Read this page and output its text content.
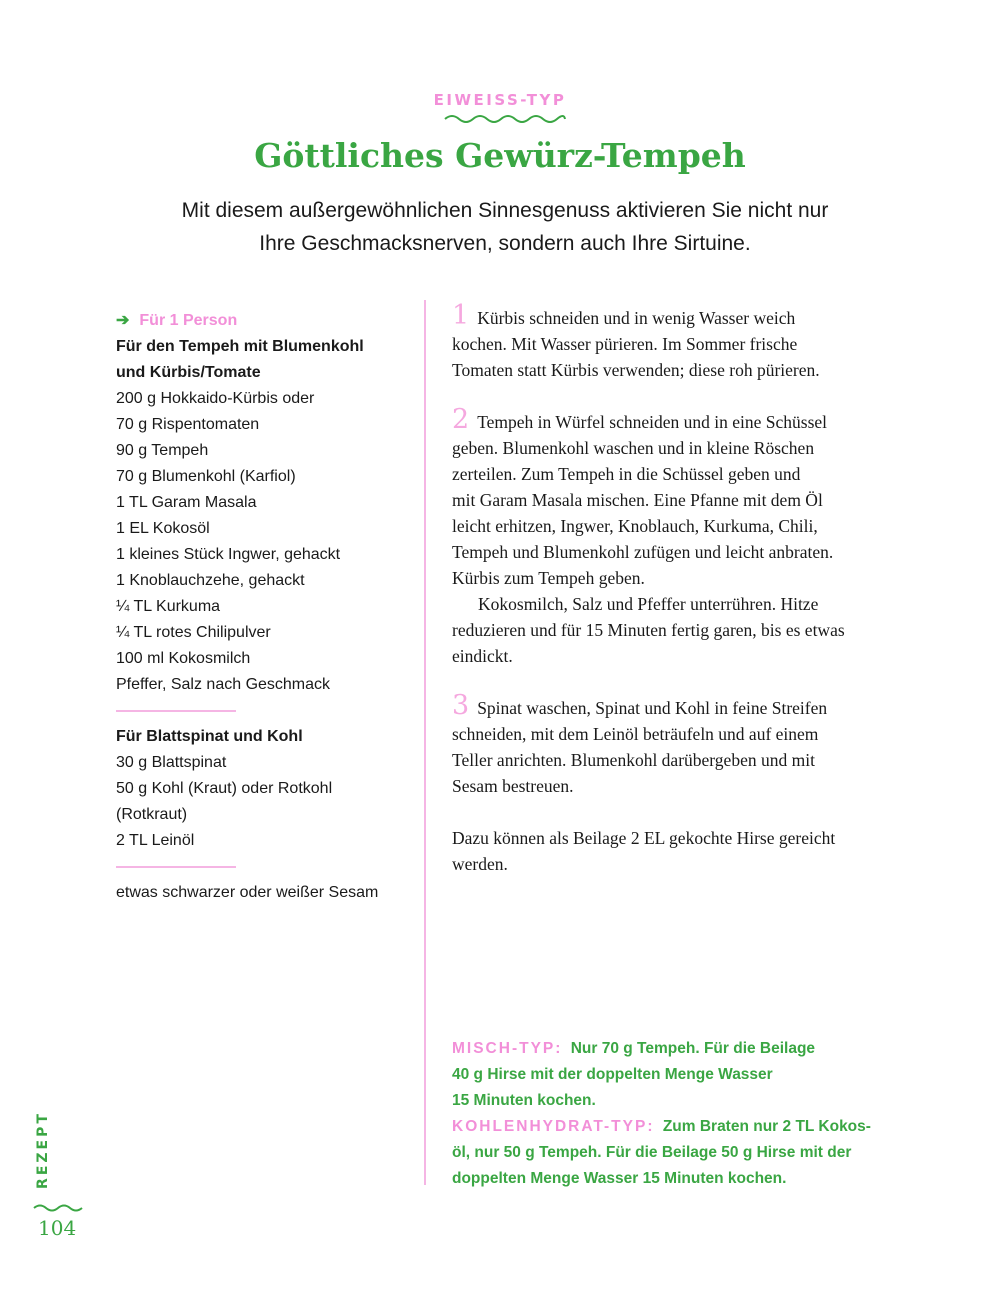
EIWEISS-TYP
Göttliches Gewürz-Tempeh
Mit diesem außergewöhnlichen Sinnesgenuss aktivieren Sie nicht nur
Ihre Geschmacksnerven, sondern auch Ihre Sirtuine.
➔ Für 1 Person
Für den Tempeh mit Blumenkohl
und Kürbis/Tomate
200 g Hokkaido-Kürbis oder
70 g Rispentomaten
90 g Tempeh
70 g Blumenkohl (Karfiol)
1 TL Garam Masala
1 EL Kokosöl
1 kleines Stück Ingwer, gehackt
1 Knoblauchzehe, gehackt
¼ TL Kurkuma
¼ TL rotes Chilipulver
100 ml Kokosmilch
Pfeffer, Salz nach Geschmack
Für Blattspinat und Kohl
30 g Blattspinat
50 g Kohl (Kraut) oder Rotkohl
(Rotkraut)
2 TL Leinöl
etwas schwarzer oder weißer Sesam

1 Kürbis schneiden und in wenig Wasser weich
kochen. Mit Wasser pürieren. Im Sommer frische
Tomaten statt Kürbis verwenden; diese roh pürieren.

2 Tempeh in Würfel schneiden und in eine Schüssel
geben. Blumenkohl waschen und in kleine Röschen
zerteilen. Zum Tempeh in die Schüssel geben und
mit Garam Masala mischen. Eine Pfanne mit dem Öl
leicht erhitzen, Ingwer, Knoblauch, Kurkuma, Chili,
Tempeh und Blumenkohl zufügen und leicht anbraten.
Kürbis zum Tempeh geben.

Kokosmilch, Salz und Pfeffer unterrühren. Hitze

reduzieren und für 15 Minuten fertig garen, bis es etwas
eindickt.

3 Spinat waschen, Spinat und Kohl in feine Streifen
schneiden, mit dem Leinöl beträufeln und auf einem
Teller anrichten. Blumenkohl darübergeben und mit
Sesam bestreuen.

Dazu können als Beilage 2 EL gekochte Hirse gereicht
werden.

MISCH-TYP: Nur 70 g Tempeh. Für die Beilage
40 g Hirse mit der doppelten Menge Wasser
15 Minuten kochen.
KOHLENHYDRAT-TYP: Zum Braten nur 2 TL Kokos-
öl, nur 50 g Tempeh. Für die Beilage 50 g Hirse mit der
doppelten Menge Wasser 15 Minuten kochen.
REZEPT
104
